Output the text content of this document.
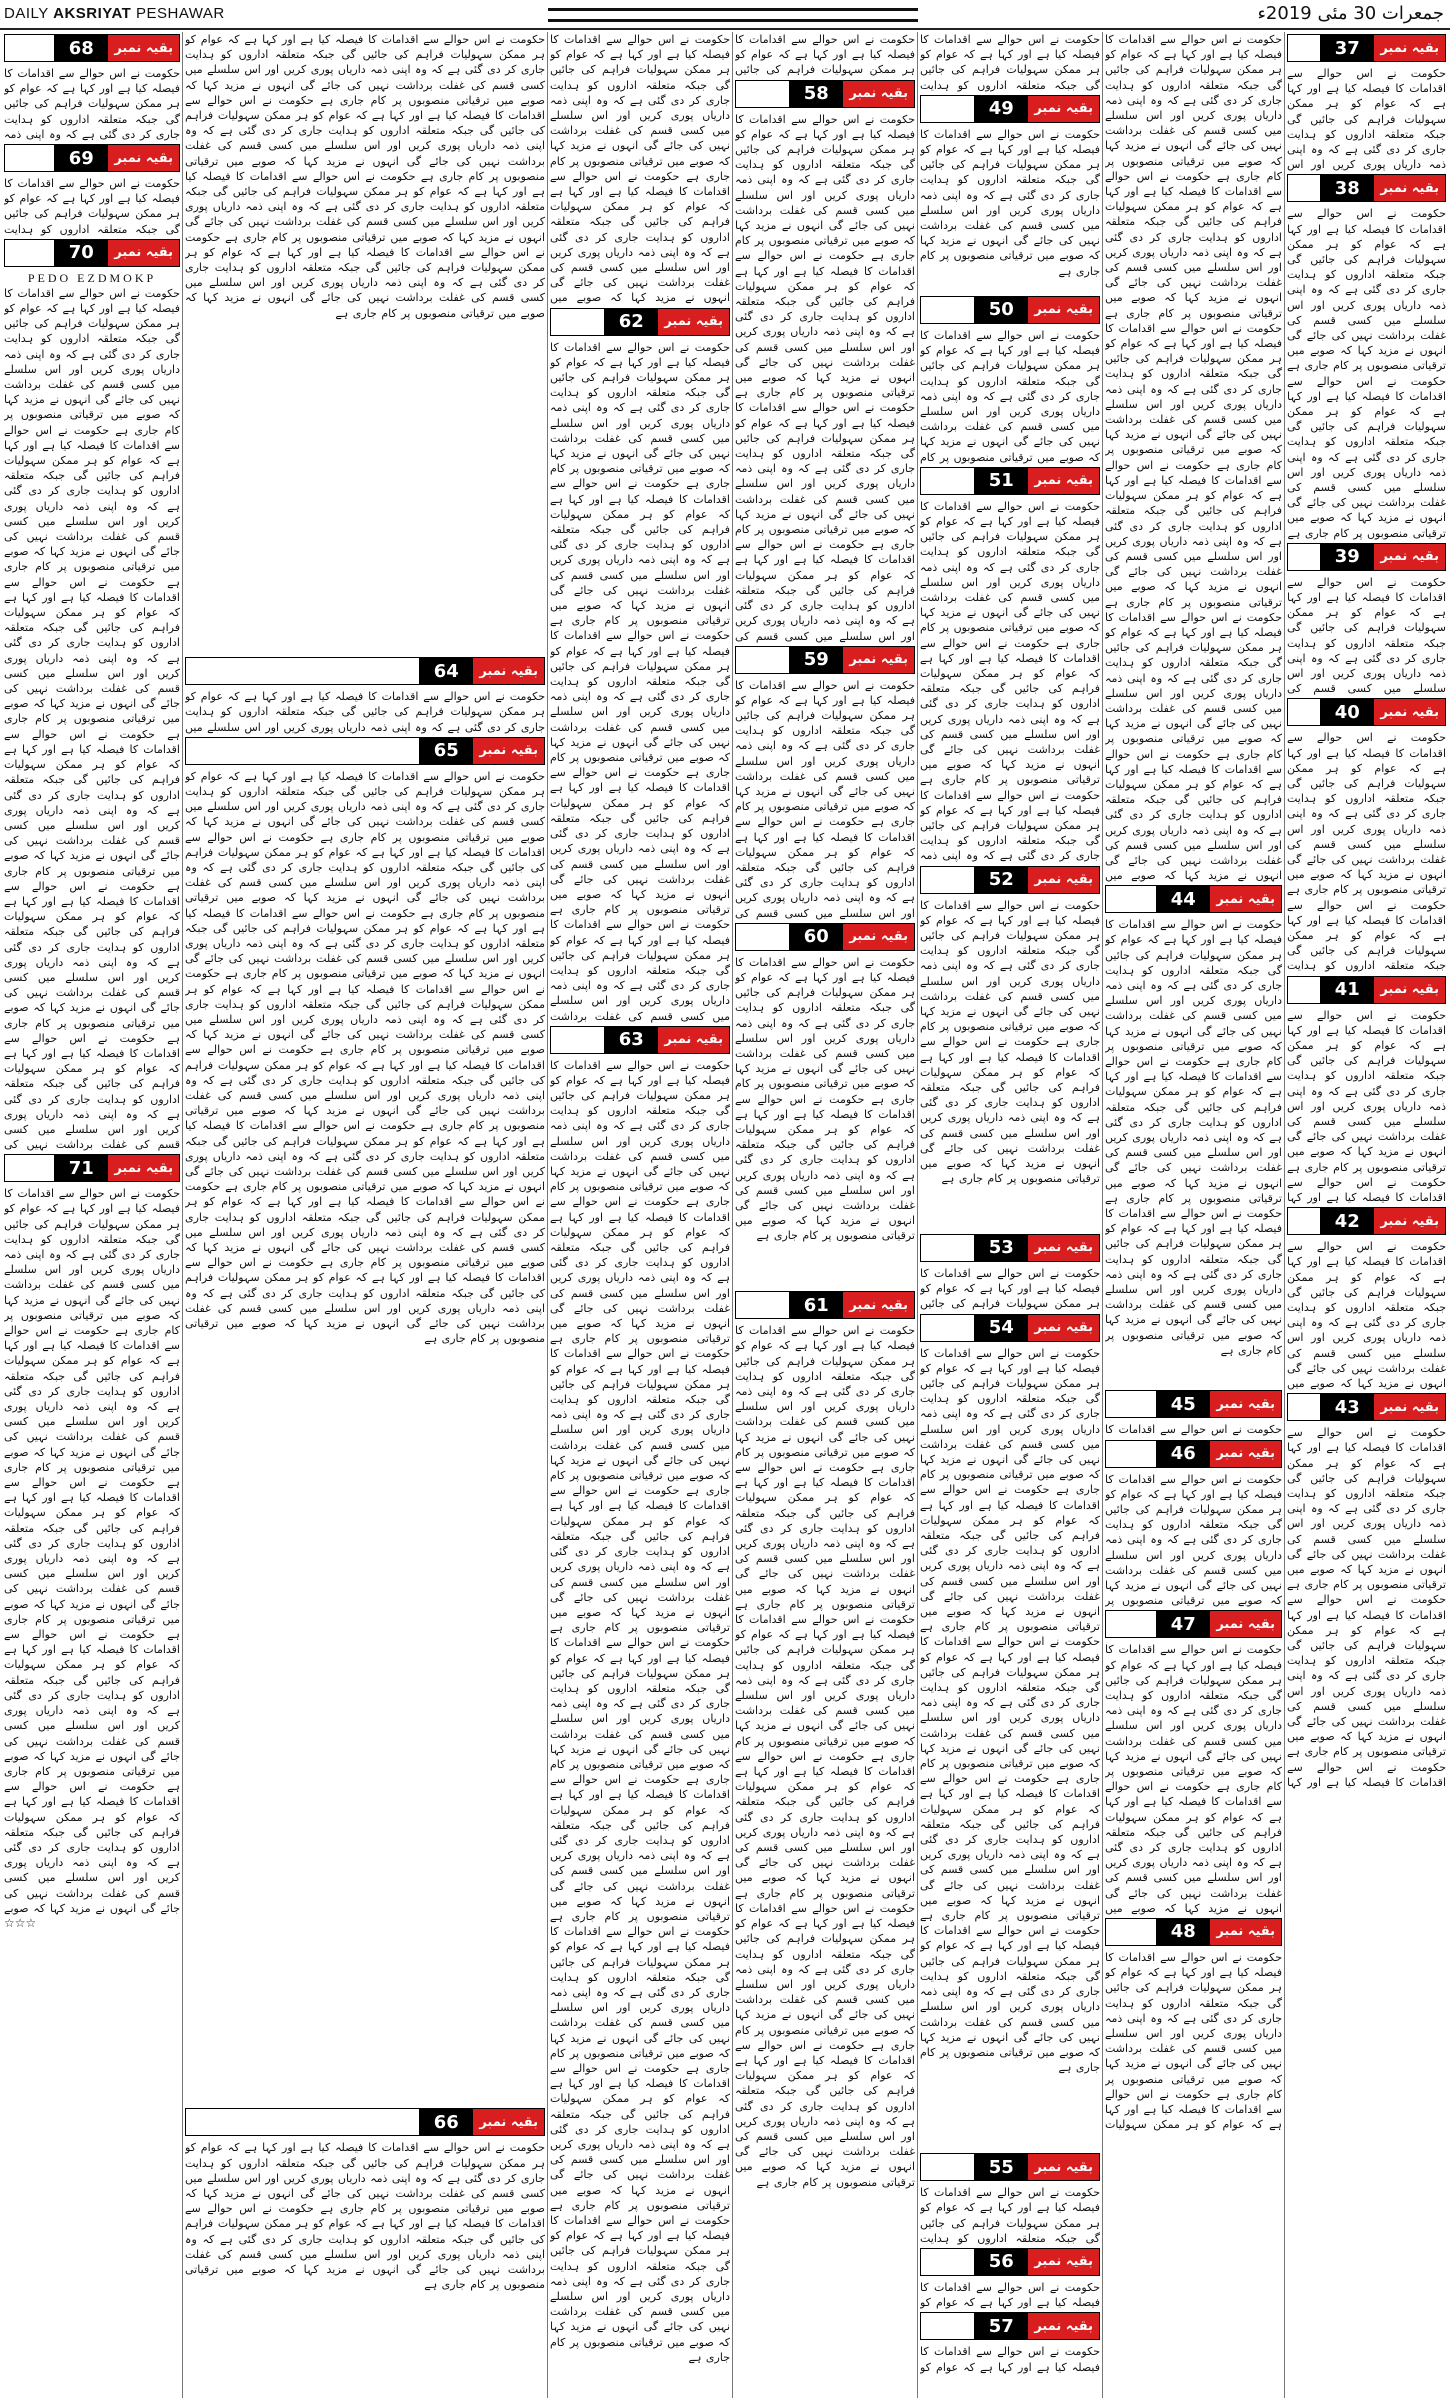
DAILY AKSRIYAT PESHAWAR	جمعرات 30 مئی 2019ء
بقیہ نمبر
37
حکومت نے اس حوالے سے اقدامات کا فیصلہ کیا ہے اور کہا ہے کہ عوام کو ہر ممکن سہولیات فراہم کی جائیں گی جبکہ متعلقہ اداروں کو ہدایت جاری کر دی گئی ہے کہ وہ اپنی ذمہ داریاں پوری کریں اور اس
بقیہ نمبر
38
حکومت نے اس حوالے سے اقدامات کا فیصلہ کیا ہے اور کہا ہے کہ عوام کو ہر ممکن سہولیات فراہم کی جائیں گی جبکہ متعلقہ اداروں کو ہدایت جاری کر دی گئی ہے کہ وہ اپنی ذمہ داریاں پوری کریں اور اس سلسلے میں کسی قسم کی غفلت برداشت نہیں کی جائے گی انہوں نے مزید کہا کہ صوبے میں ترقیاتی منصوبوں پر کام جاری ہے حکومت نے اس حوالے سے اقدامات کا فیصلہ کیا ہے اور کہا ہے کہ عوام کو ہر ممکن سہولیات فراہم کی جائیں گی جبکہ متعلقہ اداروں کو ہدایت جاری کر دی گئی ہے کہ وہ اپنی ذمہ داریاں پوری کریں اور اس سلسلے میں کسی قسم کی غفلت برداشت نہیں کی جائے گی انہوں نے مزید کہا کہ صوبے میں ترقیاتی منصوبوں پر کام جاری ہے
بقیہ نمبر
39
حکومت نے اس حوالے سے اقدامات کا فیصلہ کیا ہے اور کہا ہے کہ عوام کو ہر ممکن سہولیات فراہم کی جائیں گی جبکہ متعلقہ اداروں کو ہدایت جاری کر دی گئی ہے کہ وہ اپنی ذمہ داریاں پوری کریں اور اس سلسلے میں کسی قسم کی
بقیہ نمبر
40
حکومت نے اس حوالے سے اقدامات کا فیصلہ کیا ہے اور کہا ہے کہ عوام کو ہر ممکن سہولیات فراہم کی جائیں گی جبکہ متعلقہ اداروں کو ہدایت جاری کر دی گئی ہے کہ وہ اپنی ذمہ داریاں پوری کریں اور اس سلسلے میں کسی قسم کی غفلت برداشت نہیں کی جائے گی انہوں نے مزید کہا کہ صوبے میں ترقیاتی منصوبوں پر کام جاری ہے حکومت نے اس حوالے سے اقدامات کا فیصلہ کیا ہے اور کہا ہے کہ عوام کو ہر ممکن سہولیات فراہم کی جائیں گی جبکہ متعلقہ اداروں کو ہدایت
بقیہ نمبر
41
حکومت نے اس حوالے سے اقدامات کا فیصلہ کیا ہے اور کہا ہے کہ عوام کو ہر ممکن سہولیات فراہم کی جائیں گی جبکہ متعلقہ اداروں کو ہدایت جاری کر دی گئی ہے کہ وہ اپنی ذمہ داریاں پوری کریں اور اس سلسلے میں کسی قسم کی غفلت برداشت نہیں کی جائے گی انہوں نے مزید کہا کہ صوبے میں ترقیاتی منصوبوں پر کام جاری ہے حکومت نے اس حوالے سے اقدامات کا فیصلہ کیا ہے اور کہا
بقیہ نمبر
42
حکومت نے اس حوالے سے اقدامات کا فیصلہ کیا ہے اور کہا ہے کہ عوام کو ہر ممکن سہولیات فراہم کی جائیں گی جبکہ متعلقہ اداروں کو ہدایت جاری کر دی گئی ہے کہ وہ اپنی ذمہ داریاں پوری کریں اور اس سلسلے میں کسی قسم کی غفلت برداشت نہیں کی جائے گی انہوں نے مزید کہا کہ صوبے میں
بقیہ نمبر
43
حکومت نے اس حوالے سے اقدامات کا فیصلہ کیا ہے اور کہا ہے کہ عوام کو ہر ممکن سہولیات فراہم کی جائیں گی جبکہ متعلقہ اداروں کو ہدایت جاری کر دی گئی ہے کہ وہ اپنی ذمہ داریاں پوری کریں اور اس سلسلے میں کسی قسم کی غفلت برداشت نہیں کی جائے گی انہوں نے مزید کہا کہ صوبے میں ترقیاتی منصوبوں پر کام جاری ہے حکومت نے اس حوالے سے اقدامات کا فیصلہ کیا ہے اور کہا ہے کہ عوام کو ہر ممکن سہولیات فراہم کی جائیں گی جبکہ متعلقہ اداروں کو ہدایت جاری کر دی گئی ہے کہ وہ اپنی ذمہ داریاں پوری کریں اور اس سلسلے میں کسی قسم کی غفلت برداشت نہیں کی جائے گی انہوں نے مزید کہا کہ صوبے میں ترقیاتی منصوبوں پر کام جاری ہے حکومت نے اس حوالے سے اقدامات کا فیصلہ کیا ہے اور کہا
حکومت نے اس حوالے سے اقدامات کا فیصلہ کیا ہے اور کہا ہے کہ عوام کو ہر ممکن سہولیات فراہم کی جائیں گی جبکہ متعلقہ اداروں کو ہدایت جاری کر دی گئی ہے کہ وہ اپنی ذمہ داریاں پوری کریں اور اس سلسلے میں کسی قسم کی غفلت برداشت نہیں کی جائے گی انہوں نے مزید کہا کہ صوبے میں ترقیاتی منصوبوں پر کام جاری ہے حکومت نے اس حوالے سے اقدامات کا فیصلہ کیا ہے اور کہا ہے کہ عوام کو ہر ممکن سہولیات فراہم کی جائیں گی جبکہ متعلقہ اداروں کو ہدایت جاری کر دی گئی ہے کہ وہ اپنی ذمہ داریاں پوری کریں اور اس سلسلے میں کسی قسم کی غفلت برداشت نہیں کی جائے گی انہوں نے مزید کہا کہ صوبے میں ترقیاتی منصوبوں پر کام جاری ہے حکومت نے اس حوالے سے اقدامات کا فیصلہ کیا ہے اور کہا ہے کہ عوام کو ہر ممکن سہولیات فراہم کی جائیں گی جبکہ متعلقہ اداروں کو ہدایت جاری کر دی گئی ہے کہ وہ اپنی ذمہ داریاں پوری کریں اور اس سلسلے میں کسی قسم کی غفلت برداشت نہیں کی جائے گی انہوں نے مزید کہا کہ صوبے میں ترقیاتی منصوبوں پر کام جاری ہے حکومت نے اس حوالے سے اقدامات کا فیصلہ کیا ہے اور کہا ہے کہ عوام کو ہر ممکن سہولیات فراہم کی جائیں گی جبکہ متعلقہ اداروں کو ہدایت جاری کر دی گئی ہے کہ وہ اپنی ذمہ داریاں پوری کریں اور اس سلسلے میں کسی قسم کی غفلت برداشت نہیں کی جائے گی انہوں نے مزید کہا کہ صوبے میں ترقیاتی منصوبوں پر کام جاری ہے حکومت نے اس حوالے سے اقدامات کا فیصلہ کیا ہے اور کہا ہے کہ عوام کو ہر ممکن سہولیات فراہم کی جائیں گی جبکہ متعلقہ اداروں کو ہدایت جاری کر دی گئی ہے کہ وہ اپنی ذمہ داریاں پوری کریں اور اس سلسلے میں کسی قسم کی غفلت برداشت نہیں کی جائے گی انہوں نے مزید کہا کہ صوبے میں ترقیاتی منصوبوں پر کام جاری ہے حکومت نے اس حوالے سے اقدامات کا فیصلہ کیا ہے اور کہا ہے کہ عوام کو ہر ممکن سہولیات فراہم کی جائیں گی جبکہ متعلقہ اداروں کو ہدایت جاری کر دی گئی ہے کہ وہ اپنی ذمہ داریاں پوری کریں اور اس سلسلے میں کسی قسم کی غفلت برداشت نہیں کی جائے گی انہوں نے مزید کہا کہ صوبے میں
بقیہ نمبر
44
حکومت نے اس حوالے سے اقدامات کا فیصلہ کیا ہے اور کہا ہے کہ عوام کو ہر ممکن سہولیات فراہم کی جائیں گی جبکہ متعلقہ اداروں کو ہدایت جاری کر دی گئی ہے کہ وہ اپنی ذمہ داریاں پوری کریں اور اس سلسلے میں کسی قسم کی غفلت برداشت نہیں کی جائے گی انہوں نے مزید کہا کہ صوبے میں ترقیاتی منصوبوں پر کام جاری ہے حکومت نے اس حوالے سے اقدامات کا فیصلہ کیا ہے اور کہا ہے کہ عوام کو ہر ممکن سہولیات فراہم کی جائیں گی جبکہ متعلقہ اداروں کو ہدایت جاری کر دی گئی ہے کہ وہ اپنی ذمہ داریاں پوری کریں اور اس سلسلے میں کسی قسم کی غفلت برداشت نہیں کی جائے گی انہوں نے مزید کہا کہ صوبے میں ترقیاتی منصوبوں پر کام جاری ہے حکومت نے اس حوالے سے اقدامات کا فیصلہ کیا ہے اور کہا ہے کہ عوام کو ہر ممکن سہولیات فراہم کی جائیں گی جبکہ متعلقہ اداروں کو ہدایت جاری کر دی گئی ہے کہ وہ اپنی ذمہ داریاں پوری کریں اور اس سلسلے میں کسی قسم کی غفلت برداشت نہیں کی جائے گی انہوں نے مزید کہا کہ صوبے میں ترقیاتی منصوبوں پر کام جاری ہے
بقیہ نمبر
45
حکومت نے اس حوالے سے اقدامات کا
بقیہ نمبر
46
حکومت نے اس حوالے سے اقدامات کا فیصلہ کیا ہے اور کہا ہے کہ عوام کو ہر ممکن سہولیات فراہم کی جائیں گی جبکہ متعلقہ اداروں کو ہدایت جاری کر دی گئی ہے کہ وہ اپنی ذمہ داریاں پوری کریں اور اس سلسلے میں کسی قسم کی غفلت برداشت نہیں کی جائے گی انہوں نے مزید کہا کہ صوبے میں ترقیاتی منصوبوں پر
بقیہ نمبر
47
حکومت نے اس حوالے سے اقدامات کا فیصلہ کیا ہے اور کہا ہے کہ عوام کو ہر ممکن سہولیات فراہم کی جائیں گی جبکہ متعلقہ اداروں کو ہدایت جاری کر دی گئی ہے کہ وہ اپنی ذمہ داریاں پوری کریں اور اس سلسلے میں کسی قسم کی غفلت برداشت نہیں کی جائے گی انہوں نے مزید کہا کہ صوبے میں ترقیاتی منصوبوں پر کام جاری ہے حکومت نے اس حوالے سے اقدامات کا فیصلہ کیا ہے اور کہا ہے کہ عوام کو ہر ممکن سہولیات فراہم کی جائیں گی جبکہ متعلقہ اداروں کو ہدایت جاری کر دی گئی ہے کہ وہ اپنی ذمہ داریاں پوری کریں اور اس سلسلے میں کسی قسم کی غفلت برداشت نہیں کی جائے گی انہوں نے مزید کہا کہ صوبے میں
بقیہ نمبر
48
حکومت نے اس حوالے سے اقدامات کا فیصلہ کیا ہے اور کہا ہے کہ عوام کو ہر ممکن سہولیات فراہم کی جائیں گی جبکہ متعلقہ اداروں کو ہدایت جاری کر دی گئی ہے کہ وہ اپنی ذمہ داریاں پوری کریں اور اس سلسلے میں کسی قسم کی غفلت برداشت نہیں کی جائے گی انہوں نے مزید کہا کہ صوبے میں ترقیاتی منصوبوں پر کام جاری ہے حکومت نے اس حوالے سے اقدامات کا فیصلہ کیا ہے اور کہا ہے کہ عوام کو ہر ممکن سہولیات
حکومت نے اس حوالے سے اقدامات کا فیصلہ کیا ہے اور کہا ہے کہ عوام کو ہر ممکن سہولیات فراہم کی جائیں گی جبکہ متعلقہ اداروں کو ہدایت
بقیہ نمبر
49
حکومت نے اس حوالے سے اقدامات کا فیصلہ کیا ہے اور کہا ہے کہ عوام کو ہر ممکن سہولیات فراہم کی جائیں گی جبکہ متعلقہ اداروں کو ہدایت جاری کر دی گئی ہے کہ وہ اپنی ذمہ داریاں پوری کریں اور اس سلسلے میں کسی قسم کی غفلت برداشت نہیں کی جائے گی انہوں نے مزید کہا کہ صوبے میں ترقیاتی منصوبوں پر کام جاری ہے
بقیہ نمبر
50
حکومت نے اس حوالے سے اقدامات کا فیصلہ کیا ہے اور کہا ہے کہ عوام کو ہر ممکن سہولیات فراہم کی جائیں گی جبکہ متعلقہ اداروں کو ہدایت جاری کر دی گئی ہے کہ وہ اپنی ذمہ داریاں پوری کریں اور اس سلسلے میں کسی قسم کی غفلت برداشت نہیں کی جائے گی انہوں نے مزید کہا کہ صوبے میں ترقیاتی منصوبوں پر کام
بقیہ نمبر
51
حکومت نے اس حوالے سے اقدامات کا فیصلہ کیا ہے اور کہا ہے کہ عوام کو ہر ممکن سہولیات فراہم کی جائیں گی جبکہ متعلقہ اداروں کو ہدایت جاری کر دی گئی ہے کہ وہ اپنی ذمہ داریاں پوری کریں اور اس سلسلے میں کسی قسم کی غفلت برداشت نہیں کی جائے گی انہوں نے مزید کہا کہ صوبے میں ترقیاتی منصوبوں پر کام جاری ہے حکومت نے اس حوالے سے اقدامات کا فیصلہ کیا ہے اور کہا ہے کہ عوام کو ہر ممکن سہولیات فراہم کی جائیں گی جبکہ متعلقہ اداروں کو ہدایت جاری کر دی گئی ہے کہ وہ اپنی ذمہ داریاں پوری کریں اور اس سلسلے میں کسی قسم کی غفلت برداشت نہیں کی جائے گی انہوں نے مزید کہا کہ صوبے میں ترقیاتی منصوبوں پر کام جاری ہے حکومت نے اس حوالے سے اقدامات کا فیصلہ کیا ہے اور کہا ہے کہ عوام کو ہر ممکن سہولیات فراہم کی جائیں گی جبکہ متعلقہ اداروں کو ہدایت جاری کر دی گئی ہے کہ وہ اپنی ذمہ
بقیہ نمبر
52
حکومت نے اس حوالے سے اقدامات کا فیصلہ کیا ہے اور کہا ہے کہ عوام کو ہر ممکن سہولیات فراہم کی جائیں گی جبکہ متعلقہ اداروں کو ہدایت جاری کر دی گئی ہے کہ وہ اپنی ذمہ داریاں پوری کریں اور اس سلسلے میں کسی قسم کی غفلت برداشت نہیں کی جائے گی انہوں نے مزید کہا کہ صوبے میں ترقیاتی منصوبوں پر کام جاری ہے حکومت نے اس حوالے سے اقدامات کا فیصلہ کیا ہے اور کہا ہے کہ عوام کو ہر ممکن سہولیات فراہم کی جائیں گی جبکہ متعلقہ اداروں کو ہدایت جاری کر دی گئی ہے کہ وہ اپنی ذمہ داریاں پوری کریں اور اس سلسلے میں کسی قسم کی غفلت برداشت نہیں کی جائے گی انہوں نے مزید کہا کہ صوبے میں ترقیاتی منصوبوں پر کام جاری ہے
بقیہ نمبر
53
حکومت نے اس حوالے سے اقدامات کا فیصلہ کیا ہے اور کہا ہے کہ عوام کو ہر ممکن سہولیات فراہم کی جائیں
بقیہ نمبر
54
حکومت نے اس حوالے سے اقدامات کا فیصلہ کیا ہے اور کہا ہے کہ عوام کو ہر ممکن سہولیات فراہم کی جائیں گی جبکہ متعلقہ اداروں کو ہدایت جاری کر دی گئی ہے کہ وہ اپنی ذمہ داریاں پوری کریں اور اس سلسلے میں کسی قسم کی غفلت برداشت نہیں کی جائے گی انہوں نے مزید کہا کہ صوبے میں ترقیاتی منصوبوں پر کام جاری ہے حکومت نے اس حوالے سے اقدامات کا فیصلہ کیا ہے اور کہا ہے کہ عوام کو ہر ممکن سہولیات فراہم کی جائیں گی جبکہ متعلقہ اداروں کو ہدایت جاری کر دی گئی ہے کہ وہ اپنی ذمہ داریاں پوری کریں اور اس سلسلے میں کسی قسم کی غفلت برداشت نہیں کی جائے گی انہوں نے مزید کہا کہ صوبے میں ترقیاتی منصوبوں پر کام جاری ہے حکومت نے اس حوالے سے اقدامات کا فیصلہ کیا ہے اور کہا ہے کہ عوام کو ہر ممکن سہولیات فراہم کی جائیں گی جبکہ متعلقہ اداروں کو ہدایت جاری کر دی گئی ہے کہ وہ اپنی ذمہ داریاں پوری کریں اور اس سلسلے میں کسی قسم کی غفلت برداشت نہیں کی جائے گی انہوں نے مزید کہا کہ صوبے میں ترقیاتی منصوبوں پر کام جاری ہے حکومت نے اس حوالے سے اقدامات کا فیصلہ کیا ہے اور کہا ہے کہ عوام کو ہر ممکن سہولیات فراہم کی جائیں گی جبکہ متعلقہ اداروں کو ہدایت جاری کر دی گئی ہے کہ وہ اپنی ذمہ داریاں پوری کریں اور اس سلسلے میں کسی قسم کی غفلت برداشت نہیں کی جائے گی انہوں نے مزید کہا کہ صوبے میں ترقیاتی منصوبوں پر کام جاری ہے حکومت نے اس حوالے سے اقدامات کا فیصلہ کیا ہے اور کہا ہے کہ عوام کو ہر ممکن سہولیات فراہم کی جائیں گی جبکہ متعلقہ اداروں کو ہدایت جاری کر دی گئی ہے کہ وہ اپنی ذمہ داریاں پوری کریں اور اس سلسلے میں کسی قسم کی غفلت برداشت نہیں کی جائے گی انہوں نے مزید کہا کہ صوبے میں ترقیاتی منصوبوں پر کام جاری ہے
بقیہ نمبر
55
حکومت نے اس حوالے سے اقدامات کا فیصلہ کیا ہے اور کہا ہے کہ عوام کو ہر ممکن سہولیات فراہم کی جائیں گی جبکہ متعلقہ اداروں کو ہدایت
بقیہ نمبر
56
حکومت نے اس حوالے سے اقدامات کا فیصلہ کیا ہے اور کہا ہے کہ عوام کو
بقیہ نمبر
57
حکومت نے اس حوالے سے اقدامات کا فیصلہ کیا ہے اور کہا ہے کہ عوام کو
حکومت نے اس حوالے سے اقدامات کا فیصلہ کیا ہے اور کہا ہے کہ عوام کو ہر ممکن سہولیات فراہم کی جائیں
بقیہ نمبر
58
حکومت نے اس حوالے سے اقدامات کا فیصلہ کیا ہے اور کہا ہے کہ عوام کو ہر ممکن سہولیات فراہم کی جائیں گی جبکہ متعلقہ اداروں کو ہدایت جاری کر دی گئی ہے کہ وہ اپنی ذمہ داریاں پوری کریں اور اس سلسلے میں کسی قسم کی غفلت برداشت نہیں کی جائے گی انہوں نے مزید کہا کہ صوبے میں ترقیاتی منصوبوں پر کام جاری ہے حکومت نے اس حوالے سے اقدامات کا فیصلہ کیا ہے اور کہا ہے کہ عوام کو ہر ممکن سہولیات فراہم کی جائیں گی جبکہ متعلقہ اداروں کو ہدایت جاری کر دی گئی ہے کہ وہ اپنی ذمہ داریاں پوری کریں اور اس سلسلے میں کسی قسم کی غفلت برداشت نہیں کی جائے گی انہوں نے مزید کہا کہ صوبے میں ترقیاتی منصوبوں پر کام جاری ہے حکومت نے اس حوالے سے اقدامات کا فیصلہ کیا ہے اور کہا ہے کہ عوام کو ہر ممکن سہولیات فراہم کی جائیں گی جبکہ متعلقہ اداروں کو ہدایت جاری کر دی گئی ہے کہ وہ اپنی ذمہ داریاں پوری کریں اور اس سلسلے میں کسی قسم کی غفلت برداشت نہیں کی جائے گی انہوں نے مزید کہا کہ صوبے میں ترقیاتی منصوبوں پر کام جاری ہے حکومت نے اس حوالے سے اقدامات کا فیصلہ کیا ہے اور کہا ہے کہ عوام کو ہر ممکن سہولیات فراہم کی جائیں گی جبکہ متعلقہ اداروں کو ہدایت جاری کر دی گئی ہے کہ وہ اپنی ذمہ داریاں پوری کریں اور اس سلسلے میں کسی قسم کی
بقیہ نمبر
59
حکومت نے اس حوالے سے اقدامات کا فیصلہ کیا ہے اور کہا ہے کہ عوام کو ہر ممکن سہولیات فراہم کی جائیں گی جبکہ متعلقہ اداروں کو ہدایت جاری کر دی گئی ہے کہ وہ اپنی ذمہ داریاں پوری کریں اور اس سلسلے میں کسی قسم کی غفلت برداشت نہیں کی جائے گی انہوں نے مزید کہا کہ صوبے میں ترقیاتی منصوبوں پر کام جاری ہے حکومت نے اس حوالے سے اقدامات کا فیصلہ کیا ہے اور کہا ہے کہ عوام کو ہر ممکن سہولیات فراہم کی جائیں گی جبکہ متعلقہ اداروں کو ہدایت جاری کر دی گئی ہے کہ وہ اپنی ذمہ داریاں پوری کریں اور اس سلسلے میں کسی قسم کی
بقیہ نمبر
60
حکومت نے اس حوالے سے اقدامات کا فیصلہ کیا ہے اور کہا ہے کہ عوام کو ہر ممکن سہولیات فراہم کی جائیں گی جبکہ متعلقہ اداروں کو ہدایت جاری کر دی گئی ہے کہ وہ اپنی ذمہ داریاں پوری کریں اور اس سلسلے میں کسی قسم کی غفلت برداشت نہیں کی جائے گی انہوں نے مزید کہا کہ صوبے میں ترقیاتی منصوبوں پر کام جاری ہے حکومت نے اس حوالے سے اقدامات کا فیصلہ کیا ہے اور کہا ہے کہ عوام کو ہر ممکن سہولیات فراہم کی جائیں گی جبکہ متعلقہ اداروں کو ہدایت جاری کر دی گئی ہے کہ وہ اپنی ذمہ داریاں پوری کریں اور اس سلسلے میں کسی قسم کی غفلت برداشت نہیں کی جائے گی انہوں نے مزید کہا کہ صوبے میں ترقیاتی منصوبوں پر کام جاری ہے
بقیہ نمبر
61
حکومت نے اس حوالے سے اقدامات کا فیصلہ کیا ہے اور کہا ہے کہ عوام کو ہر ممکن سہولیات فراہم کی جائیں گی جبکہ متعلقہ اداروں کو ہدایت جاری کر دی گئی ہے کہ وہ اپنی ذمہ داریاں پوری کریں اور اس سلسلے میں کسی قسم کی غفلت برداشت نہیں کی جائے گی انہوں نے مزید کہا کہ صوبے میں ترقیاتی منصوبوں پر کام جاری ہے حکومت نے اس حوالے سے اقدامات کا فیصلہ کیا ہے اور کہا ہے کہ عوام کو ہر ممکن سہولیات فراہم کی جائیں گی جبکہ متعلقہ اداروں کو ہدایت جاری کر دی گئی ہے کہ وہ اپنی ذمہ داریاں پوری کریں اور اس سلسلے میں کسی قسم کی غفلت برداشت نہیں کی جائے گی انہوں نے مزید کہا کہ صوبے میں ترقیاتی منصوبوں پر کام جاری ہے حکومت نے اس حوالے سے اقدامات کا فیصلہ کیا ہے اور کہا ہے کہ عوام کو ہر ممکن سہولیات فراہم کی جائیں گی جبکہ متعلقہ اداروں کو ہدایت جاری کر دی گئی ہے کہ وہ اپنی ذمہ داریاں پوری کریں اور اس سلسلے میں کسی قسم کی غفلت برداشت نہیں کی جائے گی انہوں نے مزید کہا کہ صوبے میں ترقیاتی منصوبوں پر کام جاری ہے حکومت نے اس حوالے سے اقدامات کا فیصلہ کیا ہے اور کہا ہے کہ عوام کو ہر ممکن سہولیات فراہم کی جائیں گی جبکہ متعلقہ اداروں کو ہدایت جاری کر دی گئی ہے کہ وہ اپنی ذمہ داریاں پوری کریں اور اس سلسلے میں کسی قسم کی غفلت برداشت نہیں کی جائے گی انہوں نے مزید کہا کہ صوبے میں ترقیاتی منصوبوں پر کام جاری ہے حکومت نے اس حوالے سے اقدامات کا فیصلہ کیا ہے اور کہا ہے کہ عوام کو ہر ممکن سہولیات فراہم کی جائیں گی جبکہ متعلقہ اداروں کو ہدایت جاری کر دی گئی ہے کہ وہ اپنی ذمہ داریاں پوری کریں اور اس سلسلے میں کسی قسم کی غفلت برداشت نہیں کی جائے گی انہوں نے مزید کہا کہ صوبے میں ترقیاتی منصوبوں پر کام جاری ہے حکومت نے اس حوالے سے اقدامات کا فیصلہ کیا ہے اور کہا ہے کہ عوام کو ہر ممکن سہولیات فراہم کی جائیں گی جبکہ متعلقہ اداروں کو ہدایت جاری کر دی گئی ہے کہ وہ اپنی ذمہ داریاں پوری کریں اور اس سلسلے میں کسی قسم کی غفلت برداشت نہیں کی جائے گی انہوں نے مزید کہا کہ صوبے میں ترقیاتی منصوبوں پر کام جاری ہے
حکومت نے اس حوالے سے اقدامات کا فیصلہ کیا ہے اور کہا ہے کہ عوام کو ہر ممکن سہولیات فراہم کی جائیں گی جبکہ متعلقہ اداروں کو ہدایت جاری کر دی گئی ہے کہ وہ اپنی ذمہ داریاں پوری کریں اور اس سلسلے میں کسی قسم کی غفلت برداشت نہیں کی جائے گی انہوں نے مزید کہا کہ صوبے میں ترقیاتی منصوبوں پر کام جاری ہے حکومت نے اس حوالے سے اقدامات کا فیصلہ کیا ہے اور کہا ہے کہ عوام کو ہر ممکن سہولیات فراہم کی جائیں گی جبکہ متعلقہ اداروں کو ہدایت جاری کر دی گئی ہے کہ وہ اپنی ذمہ داریاں پوری کریں اور اس سلسلے میں کسی قسم کی غفلت برداشت نہیں کی جائے گی انہوں نے مزید کہا کہ صوبے میں
بقیہ نمبر
62
حکومت نے اس حوالے سے اقدامات کا فیصلہ کیا ہے اور کہا ہے کہ عوام کو ہر ممکن سہولیات فراہم کی جائیں گی جبکہ متعلقہ اداروں کو ہدایت جاری کر دی گئی ہے کہ وہ اپنی ذمہ داریاں پوری کریں اور اس سلسلے میں کسی قسم کی غفلت برداشت نہیں کی جائے گی انہوں نے مزید کہا کہ صوبے میں ترقیاتی منصوبوں پر کام جاری ہے حکومت نے اس حوالے سے اقدامات کا فیصلہ کیا ہے اور کہا ہے کہ عوام کو ہر ممکن سہولیات فراہم کی جائیں گی جبکہ متعلقہ اداروں کو ہدایت جاری کر دی گئی ہے کہ وہ اپنی ذمہ داریاں پوری کریں اور اس سلسلے میں کسی قسم کی غفلت برداشت نہیں کی جائے گی انہوں نے مزید کہا کہ صوبے میں ترقیاتی منصوبوں پر کام جاری ہے حکومت نے اس حوالے سے اقدامات کا فیصلہ کیا ہے اور کہا ہے کہ عوام کو ہر ممکن سہولیات فراہم کی جائیں گی جبکہ متعلقہ اداروں کو ہدایت جاری کر دی گئی ہے کہ وہ اپنی ذمہ داریاں پوری کریں اور اس سلسلے میں کسی قسم کی غفلت برداشت نہیں کی جائے گی انہوں نے مزید کہا کہ صوبے میں ترقیاتی منصوبوں پر کام جاری ہے حکومت نے اس حوالے سے اقدامات کا فیصلہ کیا ہے اور کہا ہے کہ عوام کو ہر ممکن سہولیات فراہم کی جائیں گی جبکہ متعلقہ اداروں کو ہدایت جاری کر دی گئی ہے کہ وہ اپنی ذمہ داریاں پوری کریں اور اس سلسلے میں کسی قسم کی غفلت برداشت نہیں کی جائے گی انہوں نے مزید کہا کہ صوبے میں ترقیاتی منصوبوں پر کام جاری ہے حکومت نے اس حوالے سے اقدامات کا فیصلہ کیا ہے اور کہا ہے کہ عوام کو ہر ممکن سہولیات فراہم کی جائیں گی جبکہ متعلقہ اداروں کو ہدایت جاری کر دی گئی ہے کہ وہ اپنی ذمہ داریاں پوری کریں اور اس سلسلے میں کسی قسم کی غفلت برداشت
بقیہ نمبر
63
حکومت نے اس حوالے سے اقدامات کا فیصلہ کیا ہے اور کہا ہے کہ عوام کو ہر ممکن سہولیات فراہم کی جائیں گی جبکہ متعلقہ اداروں کو ہدایت جاری کر دی گئی ہے کہ وہ اپنی ذمہ داریاں پوری کریں اور اس سلسلے میں کسی قسم کی غفلت برداشت نہیں کی جائے گی انہوں نے مزید کہا کہ صوبے میں ترقیاتی منصوبوں پر کام جاری ہے حکومت نے اس حوالے سے اقدامات کا فیصلہ کیا ہے اور کہا ہے کہ عوام کو ہر ممکن سہولیات فراہم کی جائیں گی جبکہ متعلقہ اداروں کو ہدایت جاری کر دی گئی ہے کہ وہ اپنی ذمہ داریاں پوری کریں اور اس سلسلے میں کسی قسم کی غفلت برداشت نہیں کی جائے گی انہوں نے مزید کہا کہ صوبے میں ترقیاتی منصوبوں پر کام جاری ہے حکومت نے اس حوالے سے اقدامات کا فیصلہ کیا ہے اور کہا ہے کہ عوام کو ہر ممکن سہولیات فراہم کی جائیں گی جبکہ متعلقہ اداروں کو ہدایت جاری کر دی گئی ہے کہ وہ اپنی ذمہ داریاں پوری کریں اور اس سلسلے میں کسی قسم کی غفلت برداشت نہیں کی جائے گی انہوں نے مزید کہا کہ صوبے میں ترقیاتی منصوبوں پر کام جاری ہے حکومت نے اس حوالے سے اقدامات کا فیصلہ کیا ہے اور کہا ہے کہ عوام کو ہر ممکن سہولیات فراہم کی جائیں گی جبکہ متعلقہ اداروں کو ہدایت جاری کر دی گئی ہے کہ وہ اپنی ذمہ داریاں پوری کریں اور اس سلسلے میں کسی قسم کی غفلت برداشت نہیں کی جائے گی انہوں نے مزید کہا کہ صوبے میں ترقیاتی منصوبوں پر کام جاری ہے حکومت نے اس حوالے سے اقدامات کا فیصلہ کیا ہے اور کہا ہے کہ عوام کو ہر ممکن سہولیات فراہم کی جائیں گی جبکہ متعلقہ اداروں کو ہدایت جاری کر دی گئی ہے کہ وہ اپنی ذمہ داریاں پوری کریں اور اس سلسلے میں کسی قسم کی غفلت برداشت نہیں کی جائے گی انہوں نے مزید کہا کہ صوبے میں ترقیاتی منصوبوں پر کام جاری ہے حکومت نے اس حوالے سے اقدامات کا فیصلہ کیا ہے اور کہا ہے کہ عوام کو ہر ممکن سہولیات فراہم کی جائیں گی جبکہ متعلقہ اداروں کو ہدایت جاری کر دی گئی ہے کہ وہ اپنی ذمہ داریاں پوری کریں اور اس سلسلے میں کسی قسم کی غفلت برداشت نہیں کی جائے گی انہوں نے مزید کہا کہ صوبے میں ترقیاتی منصوبوں پر کام جاری ہے حکومت نے اس حوالے سے اقدامات کا فیصلہ کیا ہے اور کہا ہے کہ عوام کو ہر ممکن سہولیات فراہم کی جائیں گی جبکہ متعلقہ اداروں کو ہدایت جاری کر دی گئی ہے کہ وہ اپنی ذمہ داریاں پوری کریں اور اس سلسلے میں کسی قسم کی غفلت برداشت نہیں کی جائے گی انہوں نے مزید کہا کہ صوبے میں ترقیاتی منصوبوں پر کام جاری ہے حکومت نے اس حوالے سے اقدامات کا فیصلہ کیا ہے اور کہا ہے کہ عوام کو ہر ممکن سہولیات فراہم کی جائیں گی جبکہ متعلقہ اداروں کو ہدایت جاری کر دی گئی ہے کہ وہ اپنی ذمہ داریاں پوری کریں اور اس سلسلے میں کسی قسم کی غفلت برداشت نہیں کی جائے گی انہوں نے مزید کہا کہ صوبے میں ترقیاتی منصوبوں پر کام جاری ہے حکومت نے اس حوالے سے اقدامات کا فیصلہ کیا ہے اور کہا ہے کہ عوام کو ہر ممکن سہولیات فراہم کی جائیں گی جبکہ متعلقہ اداروں کو ہدایت جاری کر دی گئی ہے کہ وہ اپنی ذمہ داریاں پوری کریں اور اس سلسلے میں کسی قسم کی غفلت برداشت نہیں کی جائے گی انہوں نے مزید کہا کہ صوبے میں ترقیاتی منصوبوں پر کام جاری ہے
حکومت نے اس حوالے سے اقدامات کا فیصلہ کیا ہے اور کہا ہے کہ عوام کو ہر ممکن سہولیات فراہم کی جائیں گی جبکہ متعلقہ اداروں کو ہدایت جاری کر دی گئی ہے کہ وہ اپنی ذمہ داریاں پوری کریں اور اس سلسلے میں کسی قسم کی غفلت برداشت نہیں کی جائے گی انہوں نے مزید کہا کہ صوبے میں ترقیاتی منصوبوں پر کام جاری ہے حکومت نے اس حوالے سے اقدامات کا فیصلہ کیا ہے اور کہا ہے کہ عوام کو ہر ممکن سہولیات فراہم کی جائیں گی جبکہ متعلقہ اداروں کو ہدایت جاری کر دی گئی ہے کہ وہ اپنی ذمہ داریاں پوری کریں اور اس سلسلے میں کسی قسم کی غفلت برداشت نہیں کی جائے گی انہوں نے مزید کہا کہ صوبے میں ترقیاتی منصوبوں پر کام جاری ہے حکومت نے اس حوالے سے اقدامات کا فیصلہ کیا ہے اور کہا ہے کہ عوام کو ہر ممکن سہولیات فراہم کی جائیں گی جبکہ متعلقہ اداروں کو ہدایت جاری کر دی گئی ہے کہ وہ اپنی ذمہ داریاں پوری کریں اور اس سلسلے میں کسی قسم کی غفلت برداشت نہیں کی جائے گی انہوں نے مزید کہا کہ صوبے میں ترقیاتی منصوبوں پر کام جاری ہے حکومت نے اس حوالے سے اقدامات کا فیصلہ کیا ہے اور کہا ہے کہ عوام کو ہر ممکن سہولیات فراہم کی جائیں گی جبکہ متعلقہ اداروں کو ہدایت جاری کر دی گئی ہے کہ وہ اپنی ذمہ داریاں پوری کریں اور اس سلسلے میں کسی قسم کی غفلت برداشت نہیں کی جائے گی انہوں نے مزید کہا کہ صوبے میں ترقیاتی منصوبوں پر کام جاری ہے
بقیہ نمبر
64
حکومت نے اس حوالے سے اقدامات کا فیصلہ کیا ہے اور کہا ہے کہ عوام کو ہر ممکن سہولیات فراہم کی جائیں گی جبکہ متعلقہ اداروں کو ہدایت جاری کر دی گئی ہے کہ وہ اپنی ذمہ داریاں پوری کریں اور اس سلسلے میں
بقیہ نمبر
65
حکومت نے اس حوالے سے اقدامات کا فیصلہ کیا ہے اور کہا ہے کہ عوام کو ہر ممکن سہولیات فراہم کی جائیں گی جبکہ متعلقہ اداروں کو ہدایت جاری کر دی گئی ہے کہ وہ اپنی ذمہ داریاں پوری کریں اور اس سلسلے میں کسی قسم کی غفلت برداشت نہیں کی جائے گی انہوں نے مزید کہا کہ صوبے میں ترقیاتی منصوبوں پر کام جاری ہے حکومت نے اس حوالے سے اقدامات کا فیصلہ کیا ہے اور کہا ہے کہ عوام کو ہر ممکن سہولیات فراہم کی جائیں گی جبکہ متعلقہ اداروں کو ہدایت جاری کر دی گئی ہے کہ وہ اپنی ذمہ داریاں پوری کریں اور اس سلسلے میں کسی قسم کی غفلت برداشت نہیں کی جائے گی انہوں نے مزید کہا کہ صوبے میں ترقیاتی منصوبوں پر کام جاری ہے حکومت نے اس حوالے سے اقدامات کا فیصلہ کیا ہے اور کہا ہے کہ عوام کو ہر ممکن سہولیات فراہم کی جائیں گی جبکہ متعلقہ اداروں کو ہدایت جاری کر دی گئی ہے کہ وہ اپنی ذمہ داریاں پوری کریں اور اس سلسلے میں کسی قسم کی غفلت برداشت نہیں کی جائے گی انہوں نے مزید کہا کہ صوبے میں ترقیاتی منصوبوں پر کام جاری ہے حکومت نے اس حوالے سے اقدامات کا فیصلہ کیا ہے اور کہا ہے کہ عوام کو ہر ممکن سہولیات فراہم کی جائیں گی جبکہ متعلقہ اداروں کو ہدایت جاری کر دی گئی ہے کہ وہ اپنی ذمہ داریاں پوری کریں اور اس سلسلے میں کسی قسم کی غفلت برداشت نہیں کی جائے گی انہوں نے مزید کہا کہ صوبے میں ترقیاتی منصوبوں پر کام جاری ہے حکومت نے اس حوالے سے اقدامات کا فیصلہ کیا ہے اور کہا ہے کہ عوام کو ہر ممکن سہولیات فراہم کی جائیں گی جبکہ متعلقہ اداروں کو ہدایت جاری کر دی گئی ہے کہ وہ اپنی ذمہ داریاں پوری کریں اور اس سلسلے میں کسی قسم کی غفلت برداشت نہیں کی جائے گی انہوں نے مزید کہا کہ صوبے میں ترقیاتی منصوبوں پر کام جاری ہے حکومت نے اس حوالے سے اقدامات کا فیصلہ کیا ہے اور کہا ہے کہ عوام کو ہر ممکن سہولیات فراہم کی جائیں گی جبکہ متعلقہ اداروں کو ہدایت جاری کر دی گئی ہے کہ وہ اپنی ذمہ داریاں پوری کریں اور اس سلسلے میں کسی قسم کی غفلت برداشت نہیں کی جائے گی انہوں نے مزید کہا کہ صوبے میں ترقیاتی منصوبوں پر کام جاری ہے حکومت نے اس حوالے سے اقدامات کا فیصلہ کیا ہے اور کہا ہے کہ عوام کو ہر ممکن سہولیات فراہم کی جائیں گی جبکہ متعلقہ اداروں کو ہدایت جاری کر دی گئی ہے کہ وہ اپنی ذمہ داریاں پوری کریں اور اس سلسلے میں کسی قسم کی غفلت برداشت نہیں کی جائے گی انہوں نے مزید کہا کہ صوبے میں ترقیاتی منصوبوں پر کام جاری ہے حکومت نے اس حوالے سے اقدامات کا فیصلہ کیا ہے اور کہا ہے کہ عوام کو ہر ممکن سہولیات فراہم کی جائیں گی جبکہ متعلقہ اداروں کو ہدایت جاری کر دی گئی ہے کہ وہ اپنی ذمہ داریاں پوری کریں اور اس سلسلے میں کسی قسم کی غفلت برداشت نہیں کی جائے گی انہوں نے مزید کہا کہ صوبے میں ترقیاتی منصوبوں پر کام جاری ہے
بقیہ نمبر
66
حکومت نے اس حوالے سے اقدامات کا فیصلہ کیا ہے اور کہا ہے کہ عوام کو ہر ممکن سہولیات فراہم کی جائیں گی جبکہ متعلقہ اداروں کو ہدایت جاری کر دی گئی ہے کہ وہ اپنی ذمہ داریاں پوری کریں اور اس سلسلے میں کسی قسم کی غفلت برداشت نہیں کی جائے گی انہوں نے مزید کہا کہ صوبے میں ترقیاتی منصوبوں پر کام جاری ہے حکومت نے اس حوالے سے اقدامات کا فیصلہ کیا ہے اور کہا ہے کہ عوام کو ہر ممکن سہولیات فراہم کی جائیں گی جبکہ متعلقہ اداروں کو ہدایت جاری کر دی گئی ہے کہ وہ اپنی ذمہ داریاں پوری کریں اور اس سلسلے میں کسی قسم کی غفلت برداشت نہیں کی جائے گی انہوں نے مزید کہا کہ صوبے میں ترقیاتی منصوبوں پر کام جاری ہے
بقیہ نمبر
68
حکومت نے اس حوالے سے اقدامات کا فیصلہ کیا ہے اور کہا ہے کہ عوام کو ہر ممکن سہولیات فراہم کی جائیں گی جبکہ متعلقہ اداروں کو ہدایت جاری کر دی گئی ہے کہ وہ اپنی ذمہ
بقیہ نمبر
69
حکومت نے اس حوالے سے اقدامات کا فیصلہ کیا ہے اور کہا ہے کہ عوام کو ہر ممکن سہولیات فراہم کی جائیں گی جبکہ متعلقہ اداروں کو ہدایت
بقیہ نمبر
70
PEDO EZDMOKP
حکومت نے اس حوالے سے اقدامات کا فیصلہ کیا ہے اور کہا ہے کہ عوام کو ہر ممکن سہولیات فراہم کی جائیں گی جبکہ متعلقہ اداروں کو ہدایت جاری کر دی گئی ہے کہ وہ اپنی ذمہ داریاں پوری کریں اور اس سلسلے میں کسی قسم کی غفلت برداشت نہیں کی جائے گی انہوں نے مزید کہا کہ صوبے میں ترقیاتی منصوبوں پر کام جاری ہے حکومت نے اس حوالے سے اقدامات کا فیصلہ کیا ہے اور کہا ہے کہ عوام کو ہر ممکن سہولیات فراہم کی جائیں گی جبکہ متعلقہ اداروں کو ہدایت جاری کر دی گئی ہے کہ وہ اپنی ذمہ داریاں پوری کریں اور اس سلسلے میں کسی قسم کی غفلت برداشت نہیں کی جائے گی انہوں نے مزید کہا کہ صوبے میں ترقیاتی منصوبوں پر کام جاری ہے حکومت نے اس حوالے سے اقدامات کا فیصلہ کیا ہے اور کہا ہے کہ عوام کو ہر ممکن سہولیات فراہم کی جائیں گی جبکہ متعلقہ اداروں کو ہدایت جاری کر دی گئی ہے کہ وہ اپنی ذمہ داریاں پوری کریں اور اس سلسلے میں کسی قسم کی غفلت برداشت نہیں کی جائے گی انہوں نے مزید کہا کہ صوبے میں ترقیاتی منصوبوں پر کام جاری ہے حکومت نے اس حوالے سے اقدامات کا فیصلہ کیا ہے اور کہا ہے کہ عوام کو ہر ممکن سہولیات فراہم کی جائیں گی جبکہ متعلقہ اداروں کو ہدایت جاری کر دی گئی ہے کہ وہ اپنی ذمہ داریاں پوری کریں اور اس سلسلے میں کسی قسم کی غفلت برداشت نہیں کی جائے گی انہوں نے مزید کہا کہ صوبے میں ترقیاتی منصوبوں پر کام جاری ہے حکومت نے اس حوالے سے اقدامات کا فیصلہ کیا ہے اور کہا ہے کہ عوام کو ہر ممکن سہولیات فراہم کی جائیں گی جبکہ متعلقہ اداروں کو ہدایت جاری کر دی گئی ہے کہ وہ اپنی ذمہ داریاں پوری کریں اور اس سلسلے میں کسی قسم کی غفلت برداشت نہیں کی جائے گی انہوں نے مزید کہا کہ صوبے میں ترقیاتی منصوبوں پر کام جاری ہے حکومت نے اس حوالے سے اقدامات کا فیصلہ کیا ہے اور کہا ہے کہ عوام کو ہر ممکن سہولیات فراہم کی جائیں گی جبکہ متعلقہ اداروں کو ہدایت جاری کر دی گئی ہے کہ وہ اپنی ذمہ داریاں پوری کریں اور اس سلسلے میں کسی قسم کی غفلت برداشت نہیں کی
بقیہ نمبر
71
حکومت نے اس حوالے سے اقدامات کا فیصلہ کیا ہے اور کہا ہے کہ عوام کو ہر ممکن سہولیات فراہم کی جائیں گی جبکہ متعلقہ اداروں کو ہدایت جاری کر دی گئی ہے کہ وہ اپنی ذمہ داریاں پوری کریں اور اس سلسلے میں کسی قسم کی غفلت برداشت نہیں کی جائے گی انہوں نے مزید کہا کہ صوبے میں ترقیاتی منصوبوں پر کام جاری ہے حکومت نے اس حوالے سے اقدامات کا فیصلہ کیا ہے اور کہا ہے کہ عوام کو ہر ممکن سہولیات فراہم کی جائیں گی جبکہ متعلقہ اداروں کو ہدایت جاری کر دی گئی ہے کہ وہ اپنی ذمہ داریاں پوری کریں اور اس سلسلے میں کسی قسم کی غفلت برداشت نہیں کی جائے گی انہوں نے مزید کہا کہ صوبے میں ترقیاتی منصوبوں پر کام جاری ہے حکومت نے اس حوالے سے اقدامات کا فیصلہ کیا ہے اور کہا ہے کہ عوام کو ہر ممکن سہولیات فراہم کی جائیں گی جبکہ متعلقہ اداروں کو ہدایت جاری کر دی گئی ہے کہ وہ اپنی ذمہ داریاں پوری کریں اور اس سلسلے میں کسی قسم کی غفلت برداشت نہیں کی جائے گی انہوں نے مزید کہا کہ صوبے میں ترقیاتی منصوبوں پر کام جاری ہے حکومت نے اس حوالے سے اقدامات کا فیصلہ کیا ہے اور کہا ہے کہ عوام کو ہر ممکن سہولیات فراہم کی جائیں گی جبکہ متعلقہ اداروں کو ہدایت جاری کر دی گئی ہے کہ وہ اپنی ذمہ داریاں پوری کریں اور اس سلسلے میں کسی قسم کی غفلت برداشت نہیں کی جائے گی انہوں نے مزید کہا کہ صوبے میں ترقیاتی منصوبوں پر کام جاری ہے حکومت نے اس حوالے سے اقدامات کا فیصلہ کیا ہے اور کہا ہے کہ عوام کو ہر ممکن سہولیات فراہم کی جائیں گی جبکہ متعلقہ اداروں کو ہدایت جاری کر دی گئی ہے کہ وہ اپنی ذمہ داریاں پوری کریں اور اس سلسلے میں کسی قسم کی غفلت برداشت نہیں کی جائے گی انہوں نے مزید کہا کہ صوبے
☆☆☆
